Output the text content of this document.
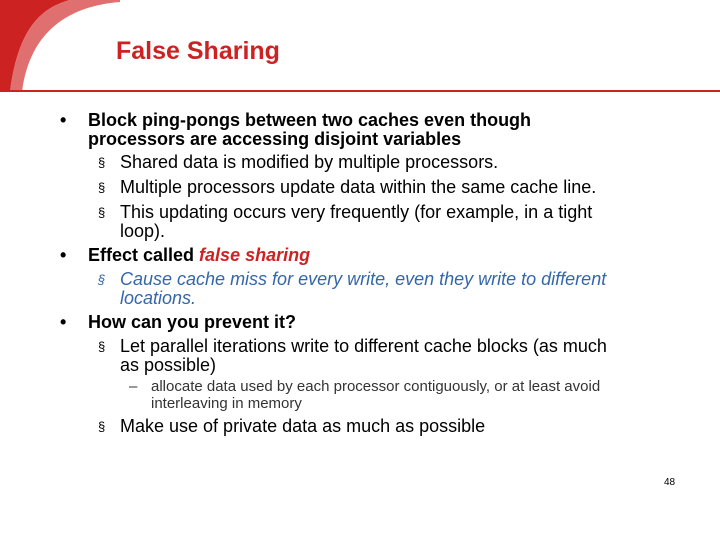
False Sharing
• Block ping-pongs between two caches even though
processors are accessing disjoint variables
§ Shared data is modified by multiple processors.
§ Multiple processors update data within the same cache line.
§ This updating occurs very frequently (for example, in a tight
loop).
• Effect called false sharing
§ Cause cache miss for every write, even they write to different
locations.
• How can you prevent it?
§ Let parallel iterations write to different cache blocks (as much
as possible)
– allocate data used by each processor contiguously, or at least avoid
interleaving in memory
§ Make use of private data as much as possible
48
